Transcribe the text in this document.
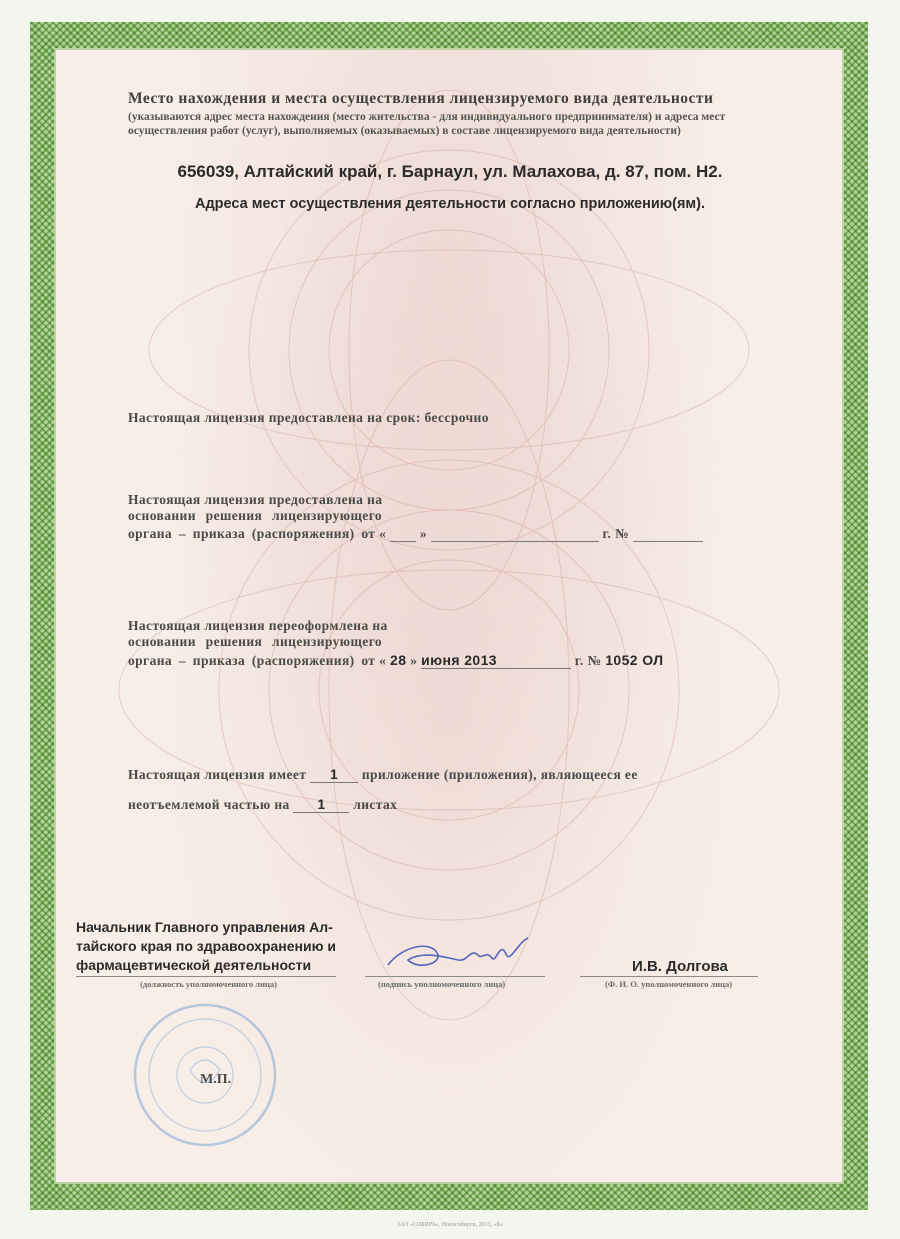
Место нахождения и места осуществления лицензируемого вида деятельности
(указываются адрес места нахождения (место жительства - для индивидуального предпринимателя) и адреса мест осуществления работ (услуг), выполняемых (оказываемых) в составе лицензируемого вида деятельности)
656039, Алтайский край, г. Барнаул, ул. Малахова, д. 87, пом. Н2.
Адреса мест осуществления деятельности согласно приложению(ям).
Настоящая лицензия предоставлена на срок: бессрочно
Настоящая лицензия предоставлена на
основании решения лицензирующего
органа – приказа (распоряжения) от « »	г. №
Настоящая лицензия переоформлена на
основании решения лицензирующего
органа – приказа (распоряжения) от « 28 » июня 2013	г. № 1052 ОЛ
Настоящая лицензия имеет 1 приложение (приложения), являющееся ее
неотъемлемой частью на 1 листах
Начальник Главного управления Ал-
тайского края по здравоохранению и
фармацевтической деятельности
(должность уполномоченного лица)	(подпись уполномоченного лица)
И.В. Долгова
(Ф. И. О. уполномоченного лица)
М.П.
ЗАО «СИБИРЬ», Новосибирск, 2013, «Б»
